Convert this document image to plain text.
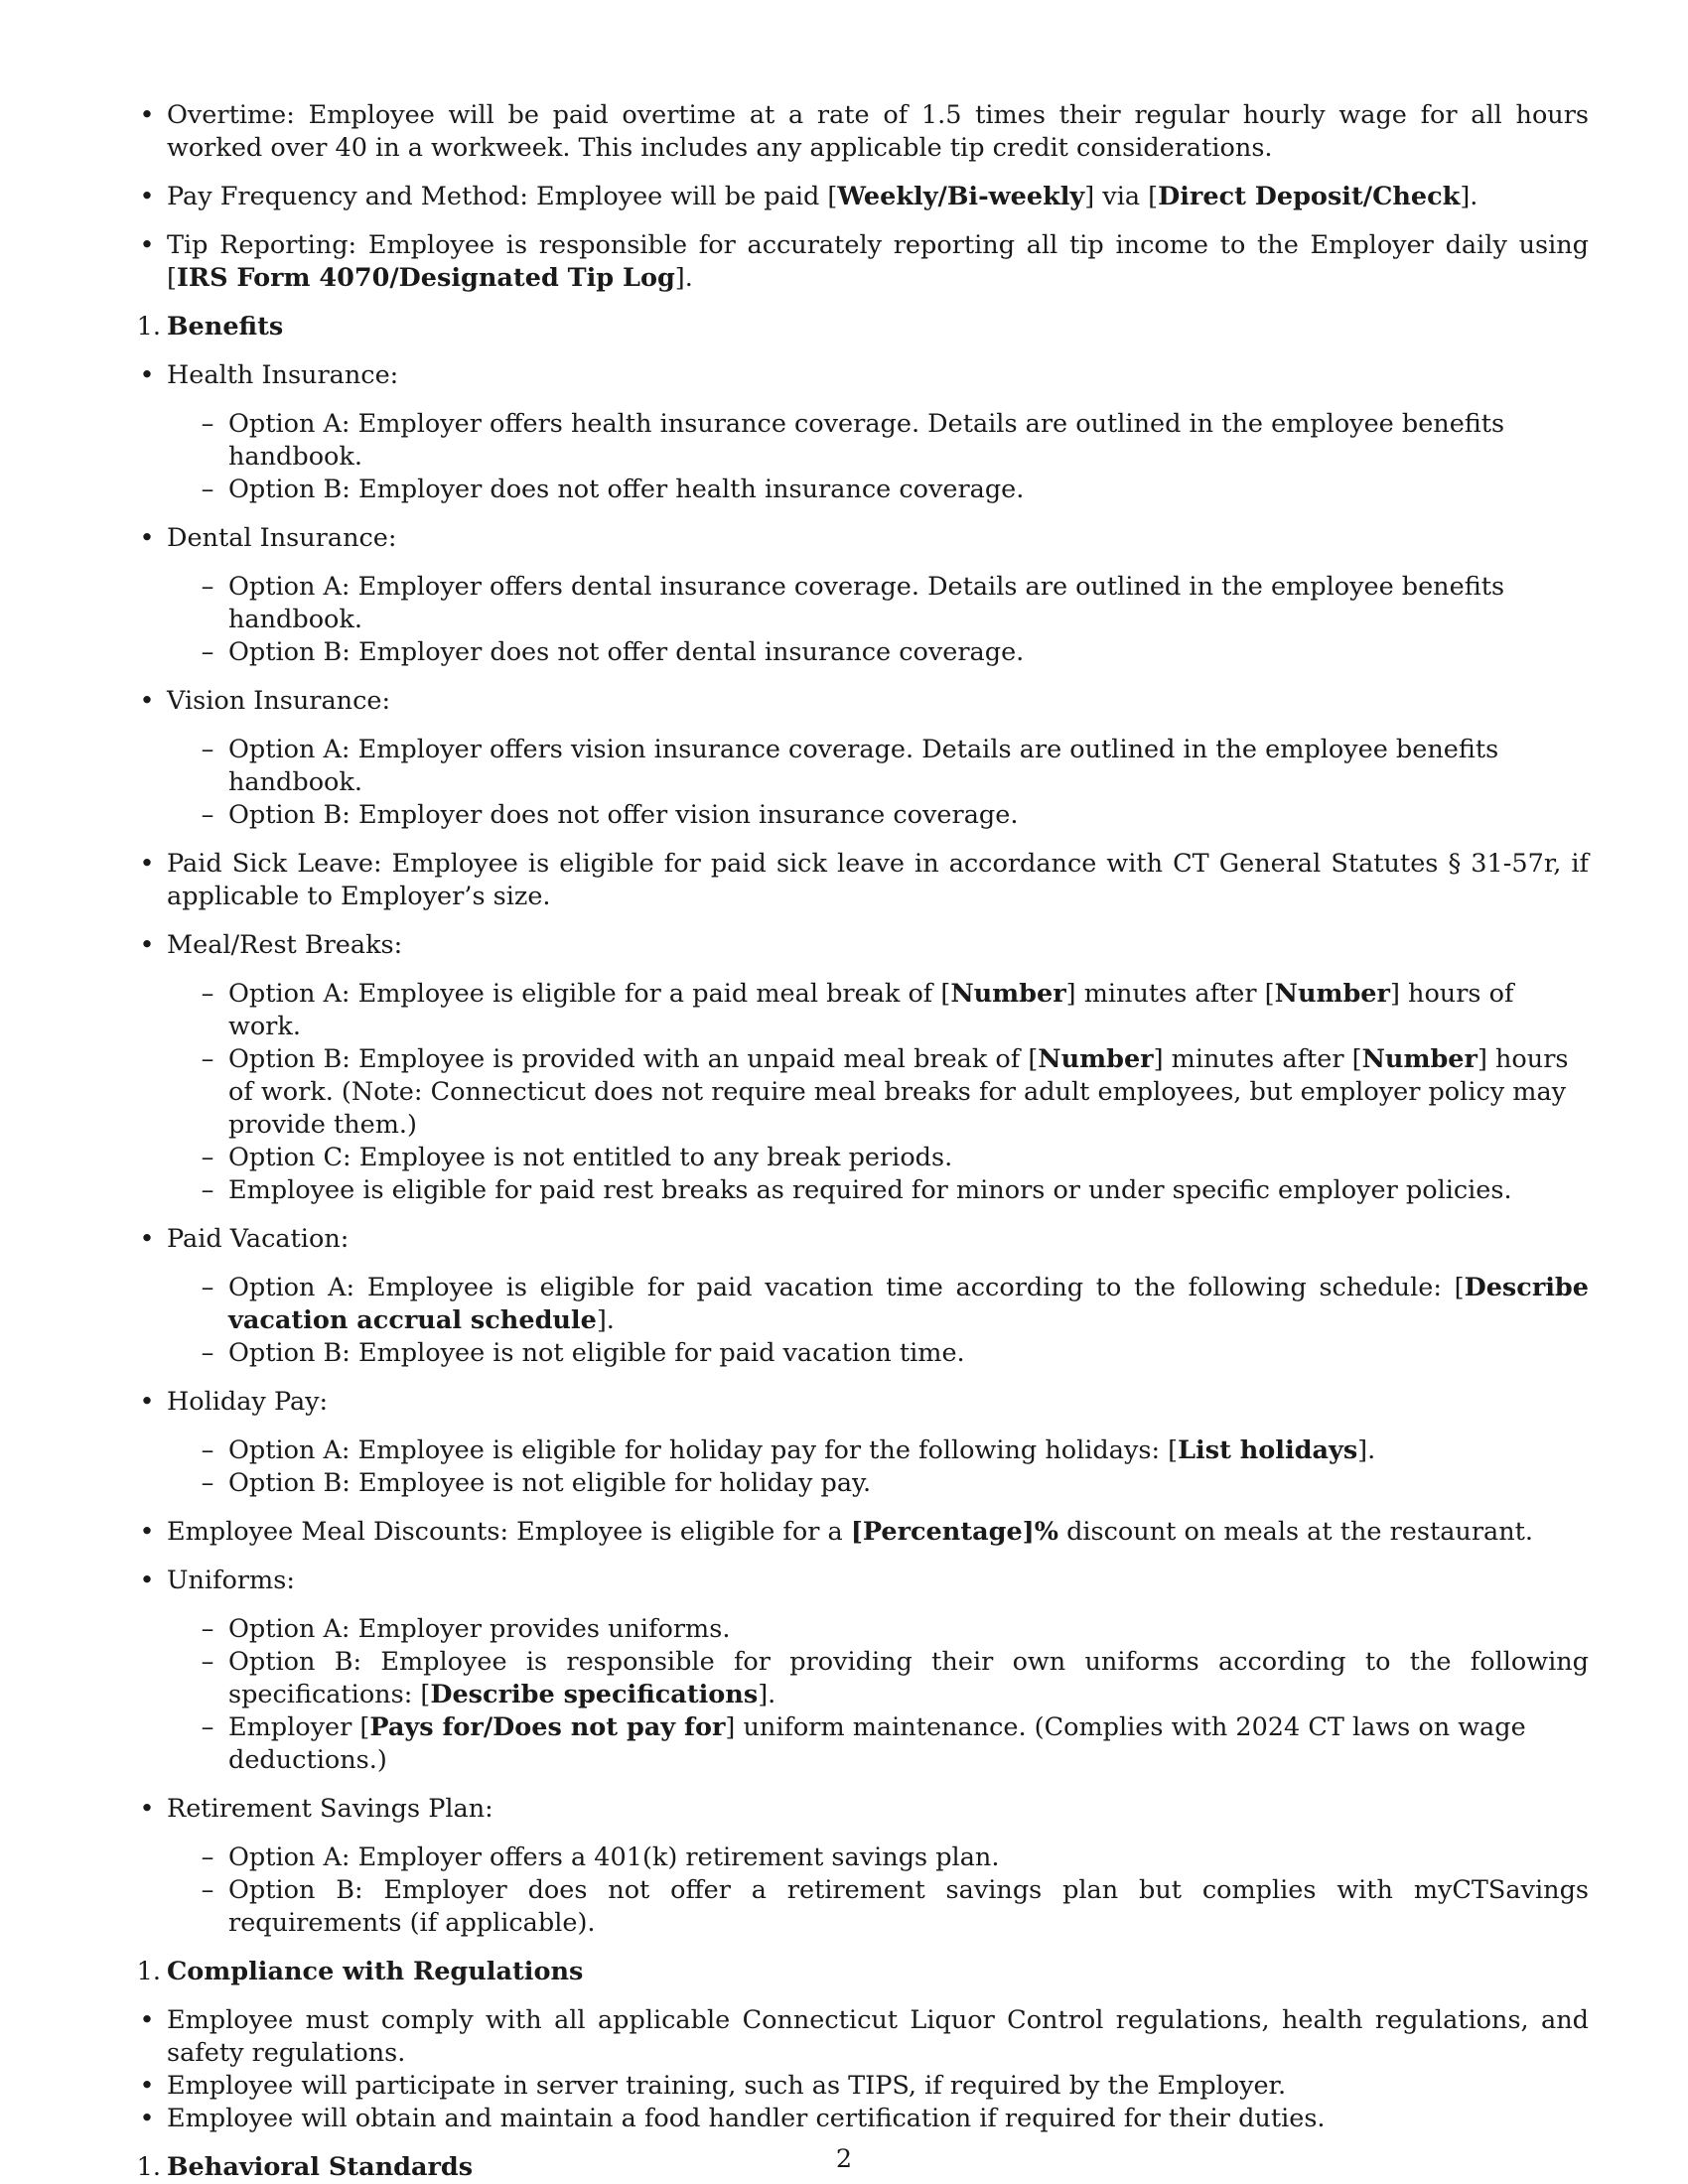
• Overtime: Employee will be paid overtime at a rate of 1.5 times their regular hourly wage for all hours worked over 40 in a workweek. This includes any applicable tip credit considerations.

• Pay Frequency and Method: Employee will be paid [Weekly/Bi-weekly] via [Direct Deposit/Check].

• Tip Reporting: Employee is responsible for accurately reporting all tip income to the Employer daily using [IRS Form 4070/Designated Tip Log].

1. Benefits

• Health Insurance:

– Option A: Employer offers health insurance coverage. Details are outlined in the employee benefits handbook.

– Option B: Employer does not offer health insurance coverage.

• Dental Insurance:

– Option A: Employer offers dental insurance coverage. Details are outlined in the employee benefits handbook.

– Option B: Employer does not offer dental insurance coverage.

• Vision Insurance:

– Option A: Employer offers vision insurance coverage. Details are outlined in the employee benefits handbook.

– Option B: Employer does not offer vision insurance coverage.

• Paid Sick Leave: Employee is eligible for paid sick leave in accordance with CT General Statutes § 31-57r, if applicable to Employer’s size.

• Meal/Rest Breaks:

– Option A: Employee is eligible for a paid meal break of [Number] minutes after [Number] hours of work.

– Option B: Employee is provided with an unpaid meal break of [Number] minutes after [Number] hours of work. (Note: Connecticut does not require meal breaks for adult employees, but employer policy may provide them.)

– Option C: Employee is not entitled to any break periods.

– Employee is eligible for paid rest breaks as required for minors or under specific employer policies.

• Paid Vacation:

– Option A: Employee is eligible for paid vacation time according to the following schedule: [Describe vacation accrual schedule].

– Option B: Employee is not eligible for paid vacation time.

• Holiday Pay:

– Option A: Employee is eligible for holiday pay for the following holidays: [List holidays].

– Option B: Employee is not eligible for holiday pay.

• Employee Meal Discounts: Employee is eligible for a [Percentage]% discount on meals at the restaurant.

• Uniforms:

– Option A: Employer provides uniforms.

– Option B: Employee is responsible for providing their own uniforms according to the following specifications: [Describe specifications].

– Employer [Pays for/Does not pay for] uniform maintenance. (Complies with 2024 CT laws on wage deductions.)

• Retirement Savings Plan:

– Option A: Employer offers a 401(k) retirement savings plan.

– Option B: Employer does not offer a retirement savings plan but complies with myCTSavings requirements (if applicable).

1. Compliance with Regulations

• Employee must comply with all applicable Connecticut Liquor Control regulations, health regulations, and safety regulations.

• Employee will participate in server training, such as TIPS, if required by the Employer.

• Employee will obtain and maintain a food handler certification if required for their duties.

1. Behavioral Standards	2
